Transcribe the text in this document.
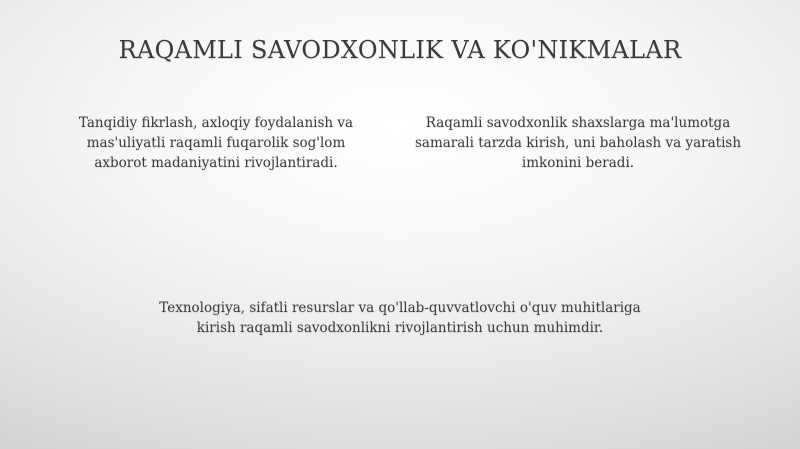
RAQAMLI SAVODXONLIK VA KO'NIKMALAR

Tanqidiy fikrlash, axloqiy foydalanish va
mas'uliyatli raqamli fuqarolik sog'lom
axborot madaniyatini rivojlantiradi.

Raqamli savodxonlik shaxslarga ma'lumotga
samarali tarzda kirish, uni baholash va yaratish
imkonini beradi.

Texnologiya, sifatli resurslar va qo'llab-quvvatlovchi o'quv muhitlariga
kirish raqamli savodxonlikni rivojlantirish uchun muhimdir.
